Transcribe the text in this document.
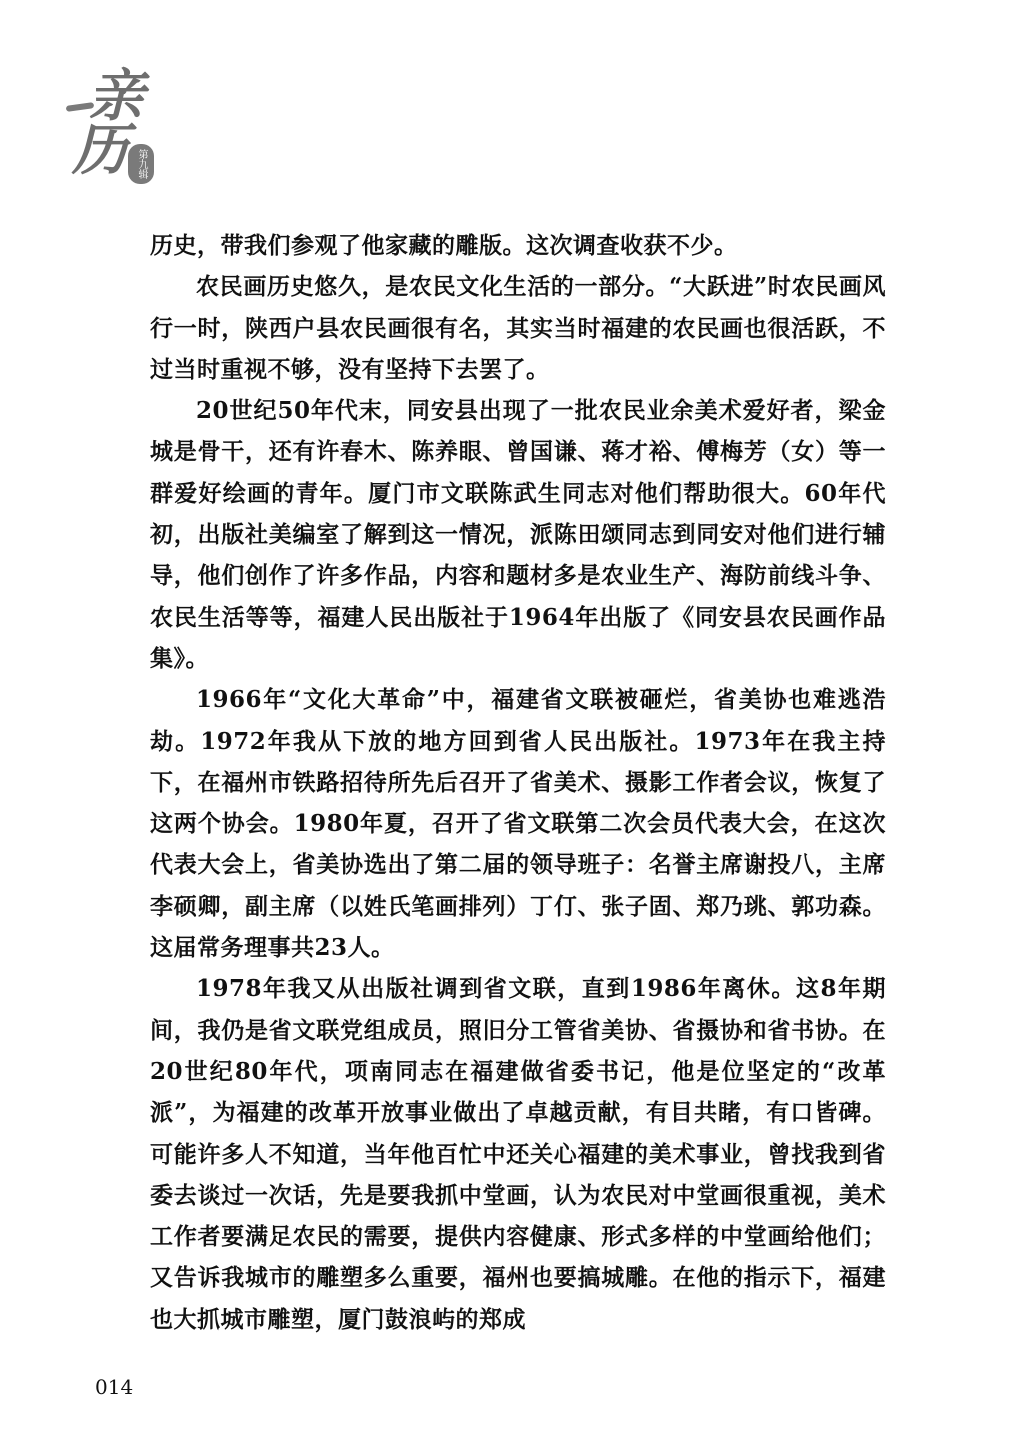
亲
历 第九辑

历史，带我们参观了他家藏的雕版。这次调查收获不少。

农民画历史悠久，是农民文化生活的一部分。“大跃进”时农民画风行一时，陕西户县农民画很有名，其实当时福建的农民画也很活跃，不过当时重视不够，没有坚持下去罢了。

20世纪50年代末，同安县出现了一批农民业余美术爱好者，梁金城是骨干，还有许春木、陈养眼、曾国谦、蒋才裕、傅梅芳（女）等一群爱好绘画的青年。厦门市文联陈武生同志对他们帮助很大。60年代初，出版社美编室了解到这一情况，派陈田颂同志到同安对他们进行辅导，他们创作了许多作品，内容和题材多是农业生产、海防前线斗争、农民生活等等，福建人民出版社于1964年出版了《同安县农民画作品集》。

1966年“文化大革命”中，福建省文联被砸烂，省美协也难逃浩劫。1972年我从下放的地方回到省人民出版社。1973年在我主持下，在福州市铁路招待所先后召开了省美术、摄影工作者会议，恢复了这两个协会。1980年夏，召开了省文联第二次会员代表大会，在这次代表大会上，省美协选出了第二届的领导班子：名誉主席谢投八，主席李硕卿，副主席（以姓氏笔画排列）丁仃、张子固、郑乃珧、郭功森。这届常务理事共23人。

1978年我又从出版社调到省文联，直到1986年离休。这8年期间，我仍是省文联党组成员，照旧分工管省美协、省摄协和省书协。在20世纪80年代，项南同志在福建做省委书记，他是位坚定的“改革派”，为福建的改革开放事业做出了卓越贡献，有目共睹，有口皆碑。可能许多人不知道，当年他百忙中还关心福建的美术事业，曾找我到省委去谈过一次话，先是要我抓中堂画，认为农民对中堂画很重视，美术工作者要满足农民的需要，提供内容健康、形式多样的中堂画给他们；又告诉我城市的雕塑多么重要，福州也要搞城雕。在他的指示下，福建也大抓城市雕塑，厦门鼓浪屿的郑成

014
